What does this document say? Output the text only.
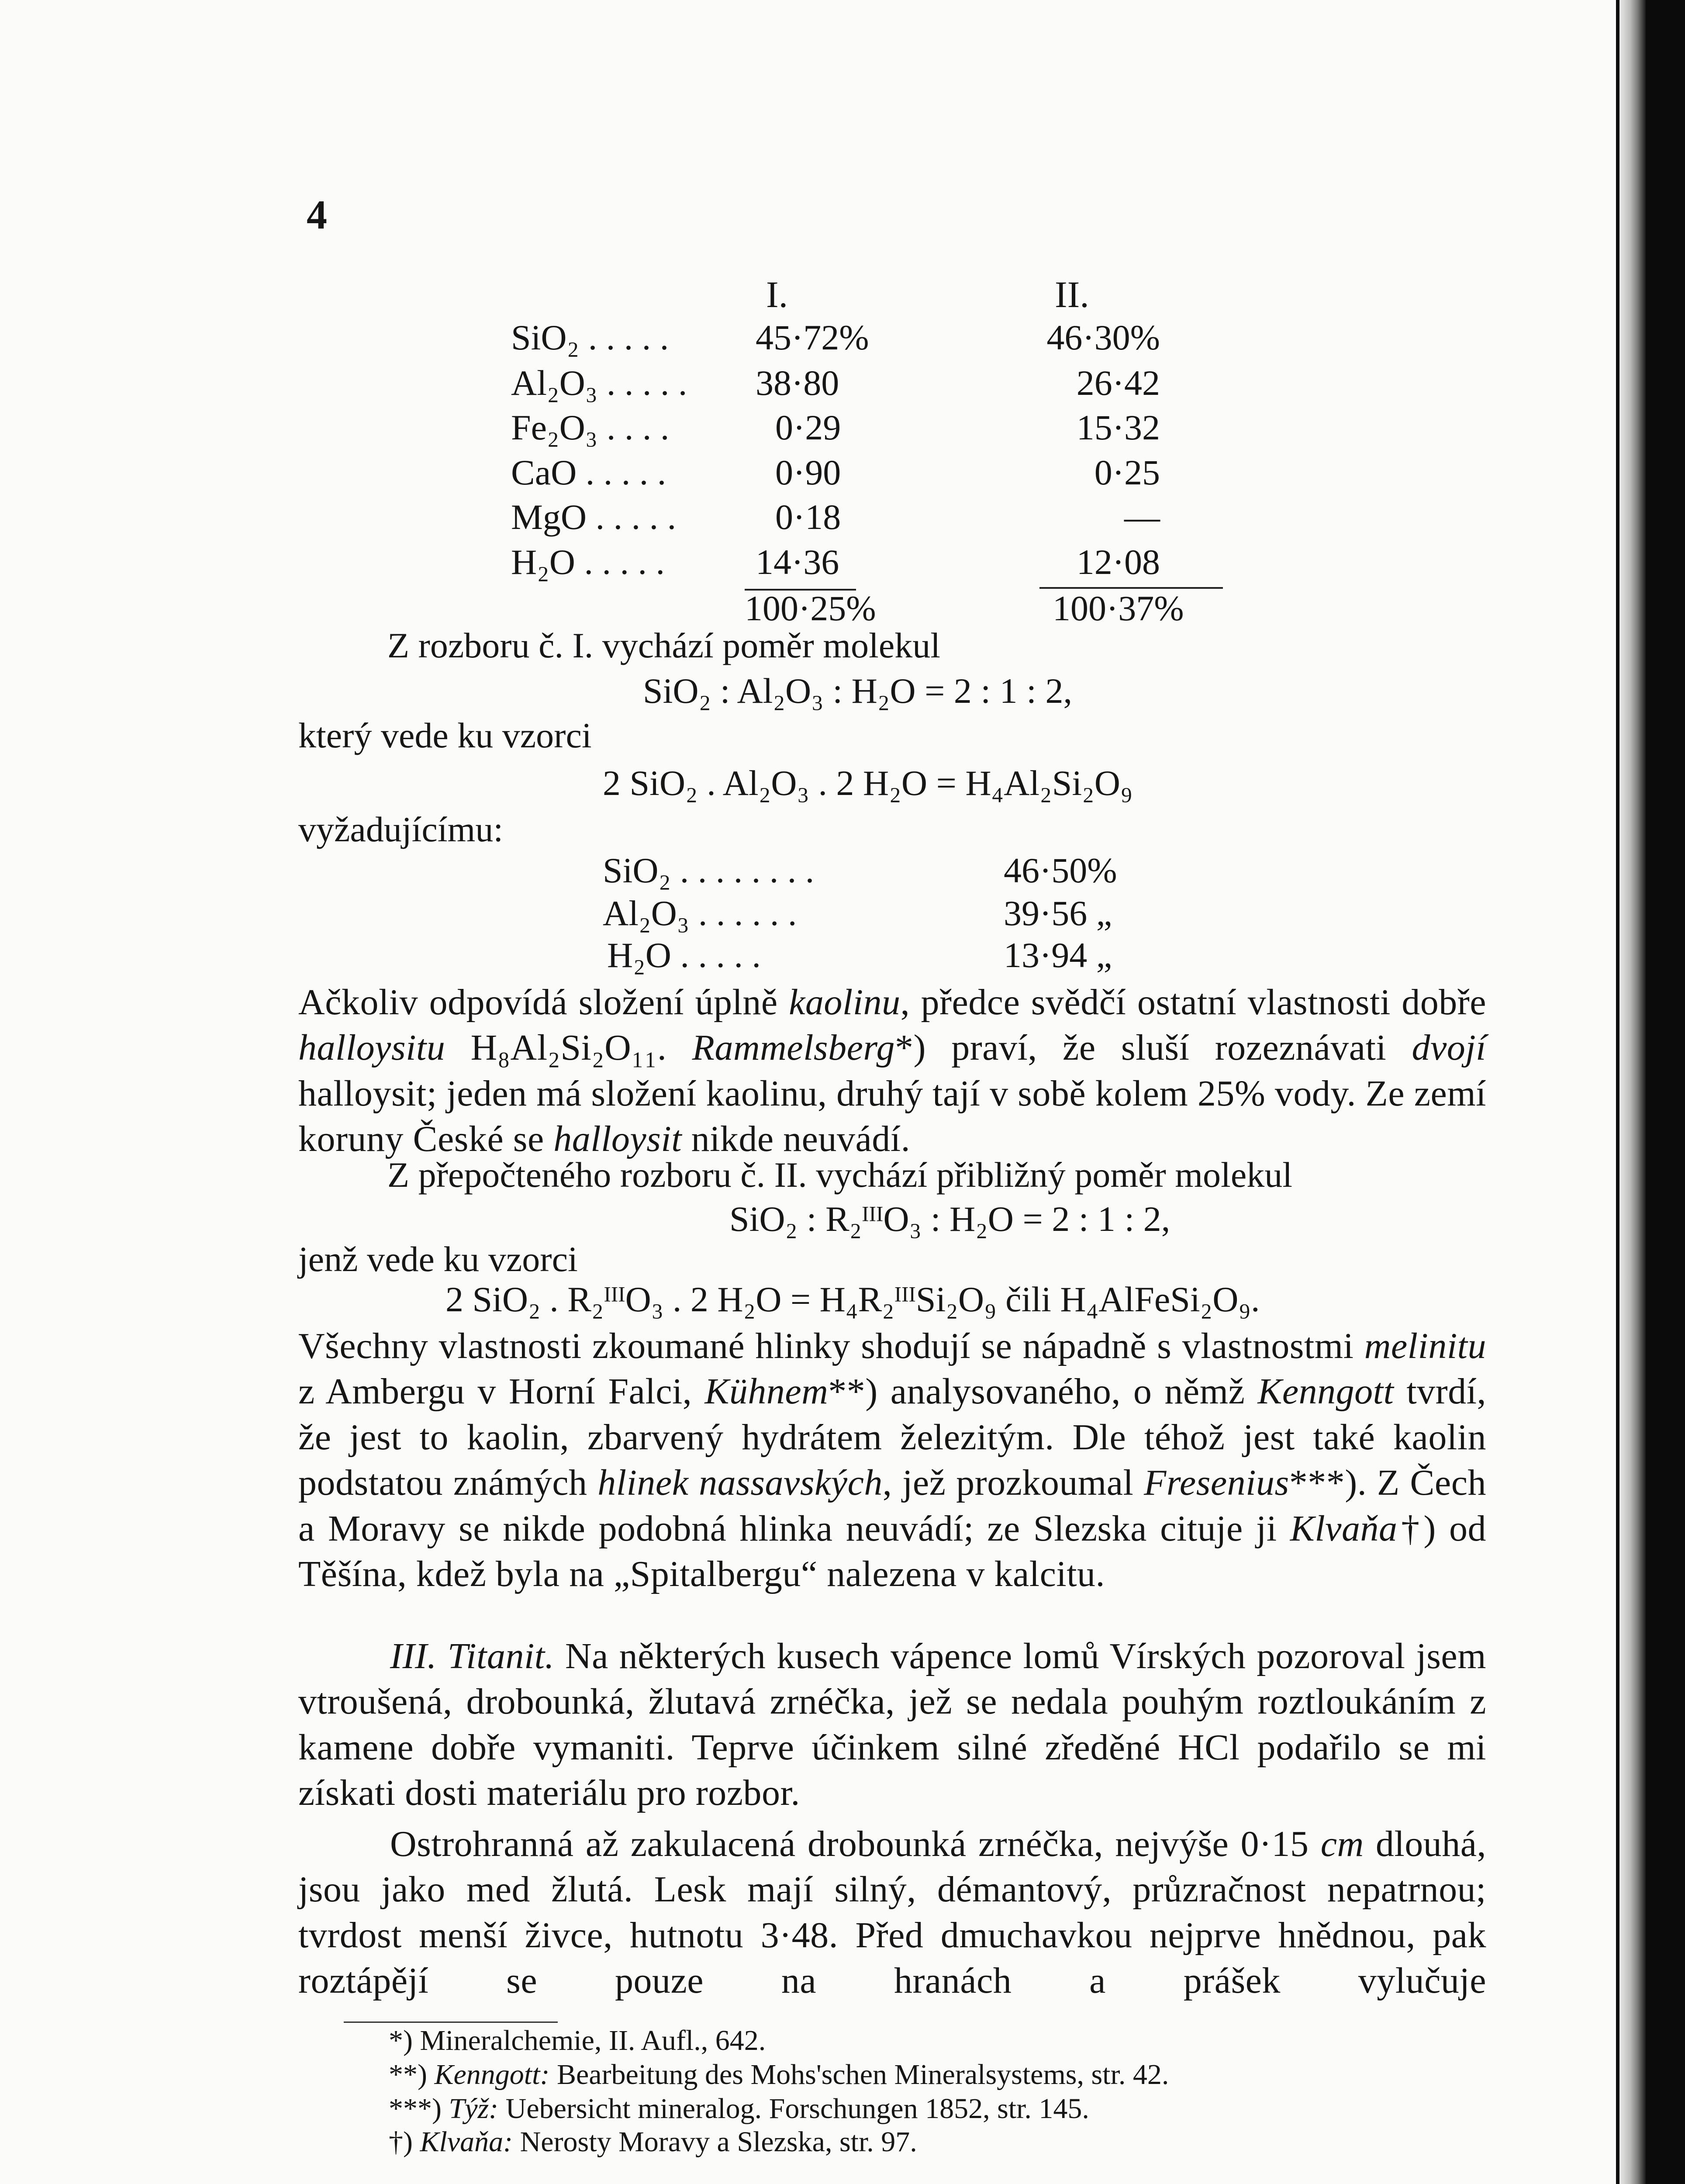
4
I.	II.
SiO₂ . . . . .	45·72%	46·30%
Al₂O₃ . . . . .	38·80	26·42
Fe₂O₃ . . . .	0·29	15·32
CaO . . . . .	0·90	0·25
MgO . . . . .	0·18	—
H₂O . . . . .	14·36	12·08
100·25%	100·37%
Z rozboru č. I. vychází poměr molekul
SiO₂ : Al₂O₃ : H₂O = 2 : 1 : 2,
který vede ku vzorci
2 SiO₂ . Al₂O₃ . 2 H₂O = H₄Al₂Si₂O₉
vyžadujícímu:
SiO₂ . . . . . . . .	46·50%
Al₂O₃ . . . . . .	39·56 „
H₂O . . . . .	13·94 „
Ačkoliv odpovídá složení úplně kaolinu, předce svědčí ostatní vlastnosti dobře halloysitu H₈Al₂Si₂O₁₁. Rammelsberg*) praví, že sluší rozeznávati dvojí halloysit; jeden má složení kaolinu, druhý tají v sobě kolem 25% vody. Ze zemí koruny České se halloysit nikde neuvádí.
Z přepočteného rozboru č. II. vychází přibližný poměr molekul
SiO₂ : R₂ᴵᴵᴵO₃ : H₂O = 2 : 1 : 2,
jenž vede ku vzorci
2 SiO₂ . R₂ᴵᴵᴵO₃ . 2 H₂O = H₄R₂ᴵᴵᴵSi₂O₉ čili H₄AlFeSi₂O₉.
Všechny vlastnosti zkoumané hlinky shodují se nápadně s vlastnostmi melinitu z Ambergu v Horní Falci, Kühnem**) analysovaného, o němž Kenngott tvrdí, že jest to kaolin, zbarvený hydrátem železitým. Dle téhož jest také kaolin podstatou známých hlinek nassavských, jež prozkoumal Fresenius***). Z Čech a Moravy se nikde podobná hlinka neuvádí; ze Slezska cituje ji Klvaňa†) od Těšína, kdež byla na „Spitalbergu“ nalezena v kalcitu.
III. Titanit. Na některých kusech vápence lomů Vírských pozoroval jsem vtroušená, drobounká, žlutavá zrnéčka, jež se nedala pouhým roztloukáním z kamene dobře vymaniti. Teprve účinkem silné zředěné HCl podařilo se mi získati dosti materiálu pro rozbor.
Ostrohranná až zakulacená drobounká zrnéčka, nejvýše 0·15 cm dlouhá, jsou jako med žlutá. Lesk mají silný, démantový, průzračnost nepatrnou; tvrdost menší živce, hutnotu 3·48. Před dmuchavkou nejprve hnědnou, pak roztápějí se pouze na hranách a prášek vylučuje
*) Mineralchemie, II. Aufl., 642.
**) Kenngott: Bearbeitung des Mohs'schen Mineralsystems, str. 42.
***) Týž: Uebersicht mineralog. Forschungen 1852, str. 145.
†) Klvaňa: Nerosty Moravy a Slezska, str. 97.
